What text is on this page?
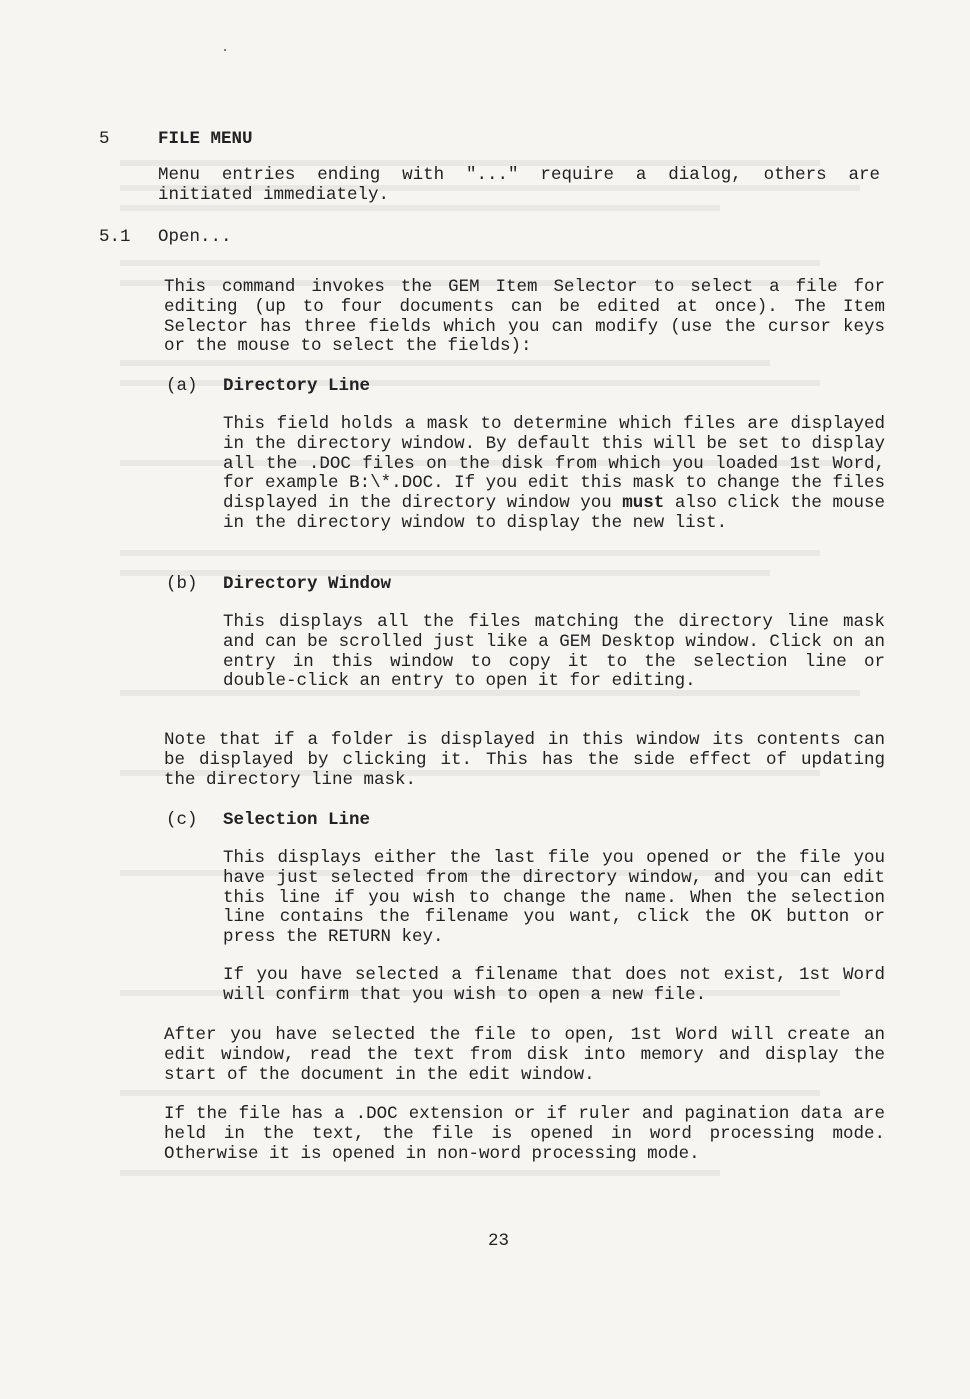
5	FILE MENU
Menu entries ending with "..." require a dialog, others are initiated immediately.
5.1 Open...
This command invokes the GEM Item Selector to select a file for editing (up to four documents can be edited at once). The Item Selector has three fields which you can modify (use the cursor keys or the mouse to select the fields):
(a) Directory Line
This field holds a mask to determine which files are displayed in the directory window. By default this will be set to display all the .DOC files on the disk from which you loaded 1st Word, for example B:\*.DOC. If you edit this mask to change the files displayed in the directory window you must also click the mouse in the directory window to display the new list.
(b) Directory Window
This displays all the files matching the directory line mask and can be scrolled just like a GEM Desktop window. Click on an entry in this window to copy it to the selection line or double-click an entry to open it for editing.
Note that if a folder is displayed in this window its contents can be displayed by clicking it. This has the side effect of updating the directory line mask.
(c) Selection Line
This displays either the last file you opened or the file you have just selected from the directory window, and you can edit this line if you wish to change the name. When the selection line contains the filename you want, click the OK button or press the RETURN key.
If you have selected a filename that does not exist, 1st Word will confirm that you wish to open a new file.
After you have selected the file to open, 1st Word will create an edit window, read the text from disk into memory and display the start of the document in the edit window.
If the file has a .DOC extension or if ruler and pagination data are held in the text, the file is opened in word processing mode. Otherwise it is opened in non-word processing mode.
23
